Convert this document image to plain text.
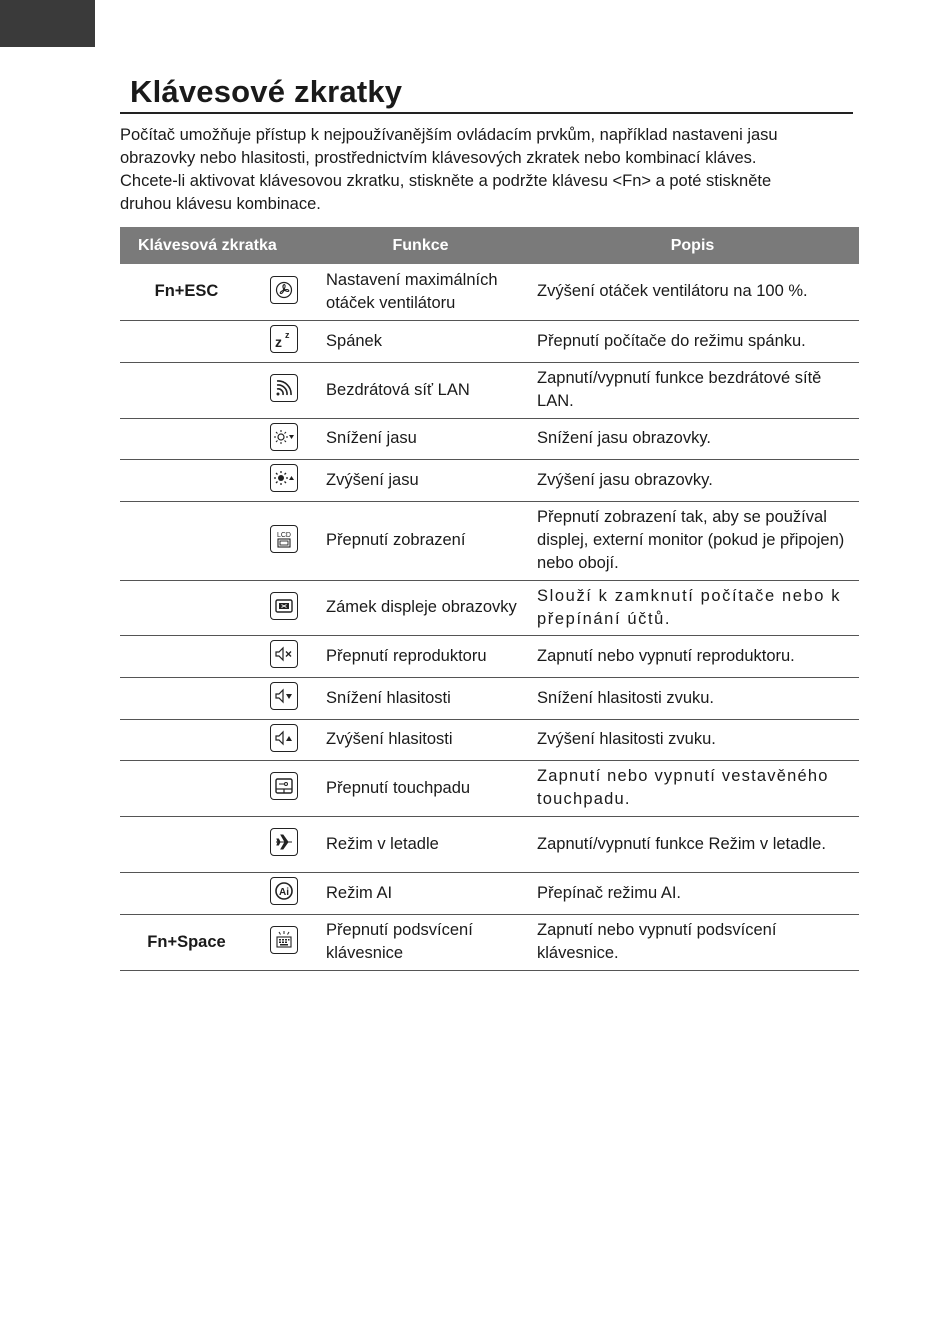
Klávesové zkratky

Počítač umožňuje přístup k nejpoužívanějším ovládacím prvkům, například nastaveni jasu
obrazovky nebo hlasitosti, prostřednictvím klávesových zkratek nebo kombinací kláves.
Chcete-li aktivovat klávesovou zkratku, stiskněte a podržte klávesu <Fn> a poté stiskněte
druhou klávesu kombinace.

Klávesová zkratka		Funkce	Popis
Fn+ESC		Nastavení maximálních otáček ventilátoru	Zvýšení otáček ventilátoru na 100 %.

z z	Spánek	Přepnutí počítače do režimu spánku.

	Bezdrátová síť LAN	Zapnutí/vypnutí funkce bezdrátové sítě LAN.

	Snížení jasu	Snížení jasu obrazovky.

	Zvýšení jasu	Zvýšení jasu obrazovky.

LCD	Přepnutí zobrazení	Přepnutí zobrazení tak, aby se používal displej, externí monitor (pokud je připojen) nebo obojí.

	Zámek displeje obrazovky	Slouží k zamknutí počítače nebo k přepínání účtů.

	Přepnutí reproduktoru	Zapnutí nebo vypnutí reproduktoru.

	Snížení hlasitosti	Snížení hlasitosti zvuku.

	Zvýšení hlasitosti	Zvýšení hlasitosti zvuku.

	Přepnutí touchpadu	Zapnutí nebo vypnutí vestavěného touchpadu.

	Režim v letadle	Zapnutí/vypnutí funkce Režim v letadle.

Ai	Režim AI	Přepínač režimu AI.
Fn+Space		Přepnutí podsvícení klávesnice	Zapnutí nebo vypnutí podsvícení klávesnice.
